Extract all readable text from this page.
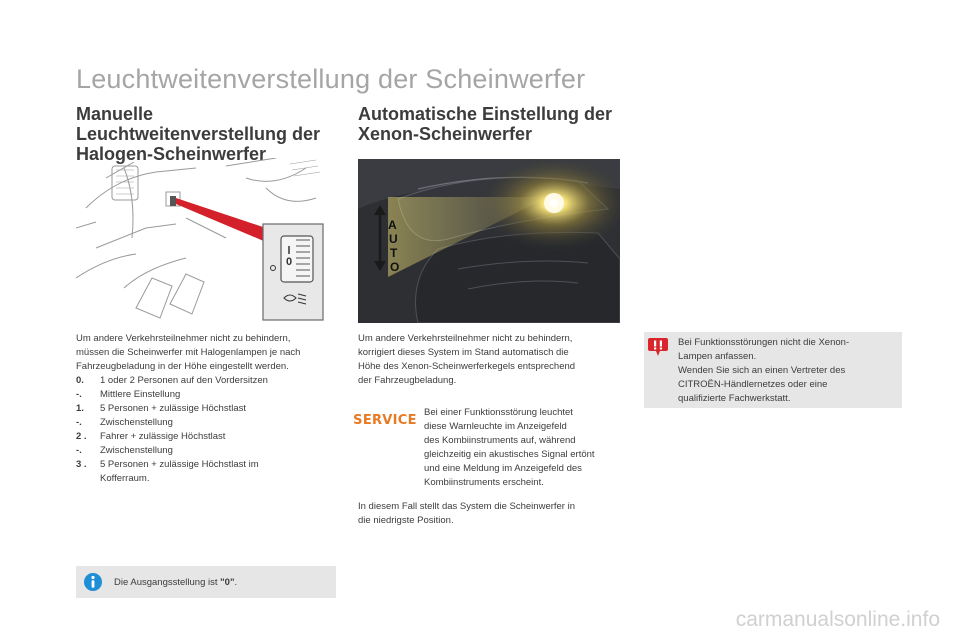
Leuchtweitenverstellung der Scheinwerfer
Manuelle
Leuchtweitenverstellung der
Halogen-Scheinwerfer
0

Um andere Verkehrsteilnehmer nicht zu behindern,

müssen die Scheinwerfer mit Halogenlampen je nach

Fahrzeugbeladung in der Höhe eingestellt werden.

0.	1 oder 2 Personen auf den Vordersitzen
-.	Mittlere Einstellung
1.	5 Personen + zulässige Höchstlast
-.	Zwischenstellung
2 .	Fahrer + zulässige Höchstlast
-.	Zwischenstellung
3 .	5 Personen + zulässige Höchstlast im
Kofferraum.
Die Ausgangsstellung ist "0".
Automatische Einstellung der
Xenon-Scheinwerfer
A
U
T
O

Um andere Verkehrsteilnehmer nicht zu behindern,

korrigiert dieses System im Stand automatisch die

Höhe des Xenon-Scheinwerferkegels entsprechend

der Fahrzeugbeladung.

SERVICE Bei einer Funktionsstörung leuchtet

diese Warnleuchte im Anzeigefeld

des Kombiinstruments auf, während

gleichzeitig ein akustisches Signal ertönt

und eine Meldung im Anzeigefeld des

Kombiinstruments erscheint.

In diesem Fall stellt das System die Scheinwerfer in

die niedrigste Position.

Bei Funktionsstörungen nicht die Xenon-
Lampen anfassen.
Wenden Sie sich an einen Vertreter des
CITROËN-Händlernetzes oder eine
qualifizierte Fachwerkstatt.
carmanualsonline.info
